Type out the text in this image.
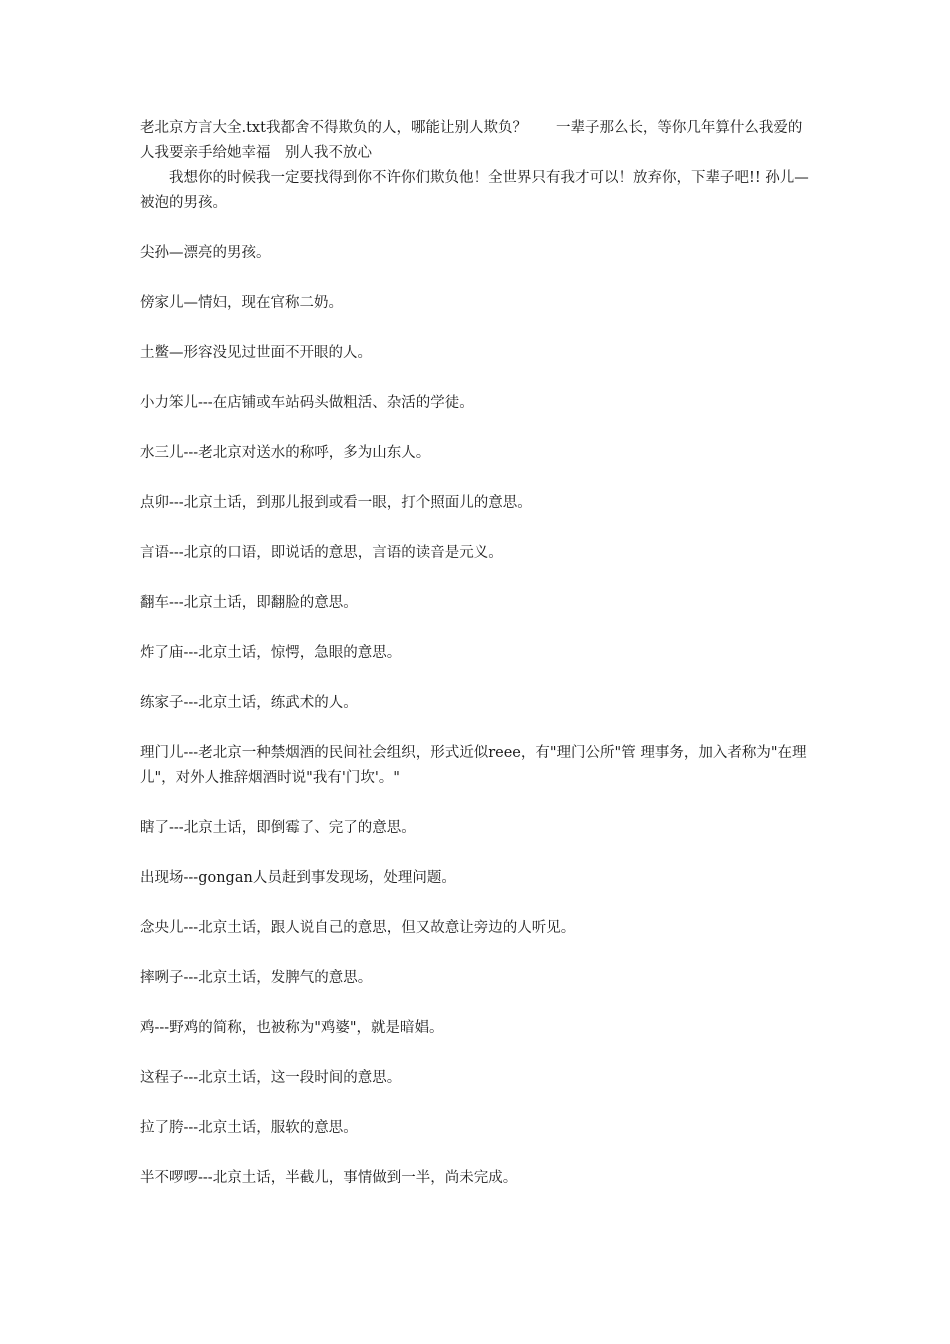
老北京方言大全.txt我都舍不得欺负的人，哪能让别人欺负？　　一辈子那么长，等你几年算什么我爱的人我要亲手给她幸福　别人我不放心

我想你的时候我一定要找得到你不许你们欺负他！全世界只有我才可以！放弃你，下辈子吧!! 孙儿—被泡的男孩。

尖孙—漂亮的男孩。

傍家儿—情妇，现在官称二奶。

土鳖—形容没见过世面不开眼的人。

小力笨儿---在店铺或车站码头做粗活、杂活的学徒。

水三儿---老北京对送水的称呼，多为山东人。

点卯---北京土话，到那儿报到或看一眼，打个照面儿的意思。

言语---北京的口语，即说话的意思，言语的读音是元义。

翻车---北京土话，即翻脸的意思。

炸了庙---北京土话，惊愕，急眼的意思。

练家子---北京土话，练武术的人。

理门儿---老北京一种禁烟酒的民间社会组织，形式近似reee，有"理门公所"管 理事务，加入者称为"在理儿"，对外人推辞烟酒时说"我有'门坎'。"

瞎了---北京土话，即倒霉了、完了的意思。

出现场---gongan人员赶到事发现场，处理问题。

念央儿---北京土话，跟人说自己的意思，但又故意让旁边的人听见。

摔咧子---北京土话，发脾气的意思。

鸡---野鸡的简称，也被称为"鸡婆"，就是暗娼。

这程子---北京土话，这一段时间的意思。

拉了胯---北京土话，服软的意思。

半不啰啰---北京土话，半截儿，事情做到一半，尚未完成。
